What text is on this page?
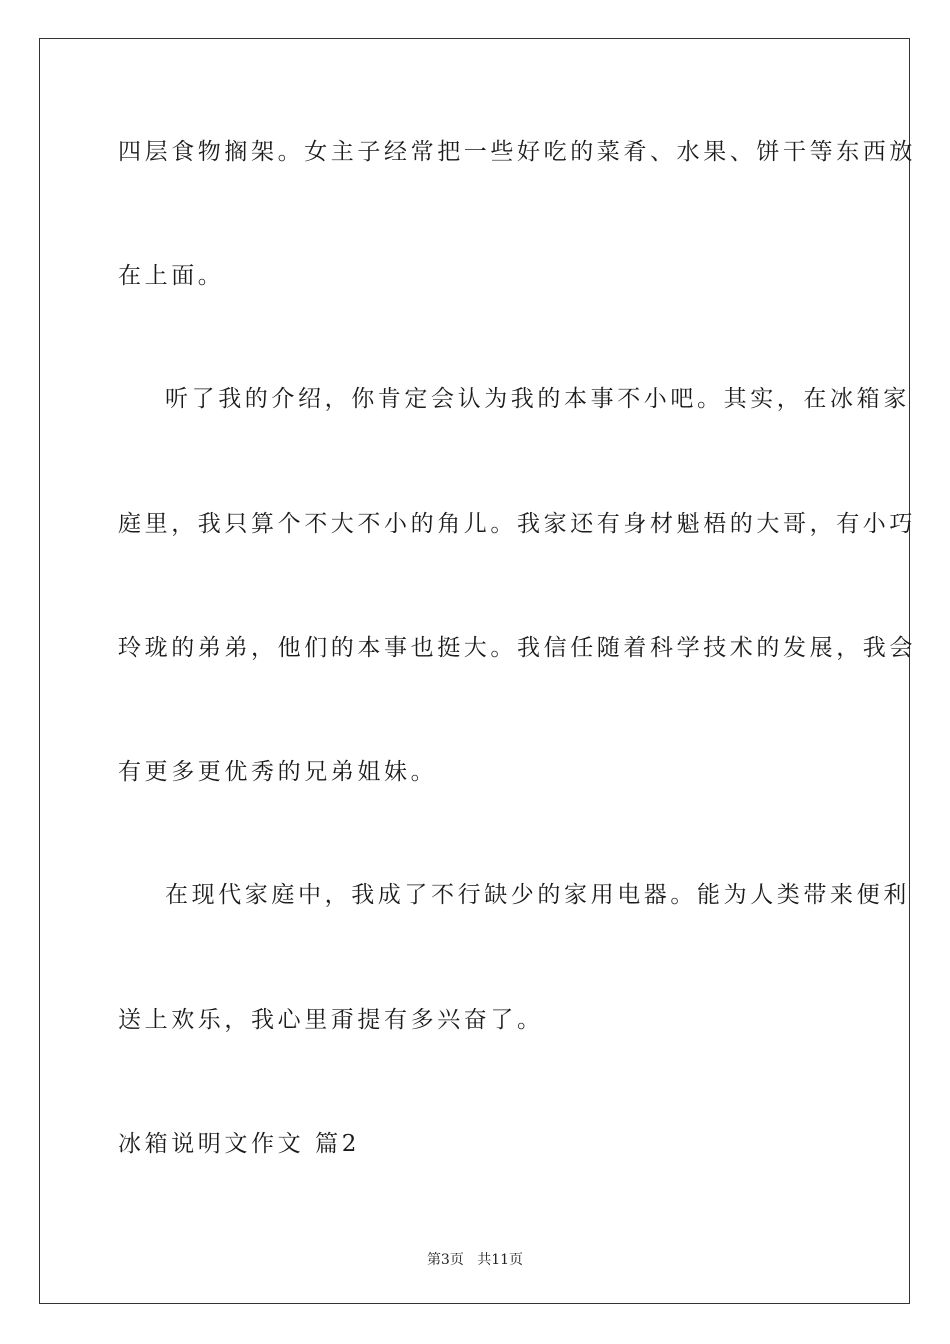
四层食物搁架。女主子经常把一些好吃的菜肴、水果、饼干等东西放
在上面。
听了我的介绍，你肯定会认为我的本事不小吧。其实，在冰箱家
庭里，我只算个不大不小的角儿。我家还有身材魁梧的大哥，有小巧
玲珑的弟弟，他们的本事也挺大。我信任随着科学技术的发展，我会
有更多更优秀的兄弟姐妹。
在现代家庭中，我成了不行缺少的家用电器。能为人类带来便利
送上欢乐，我心里甭提有多兴奋了。
冰箱说明文作文 篇2
第3页 共11页
